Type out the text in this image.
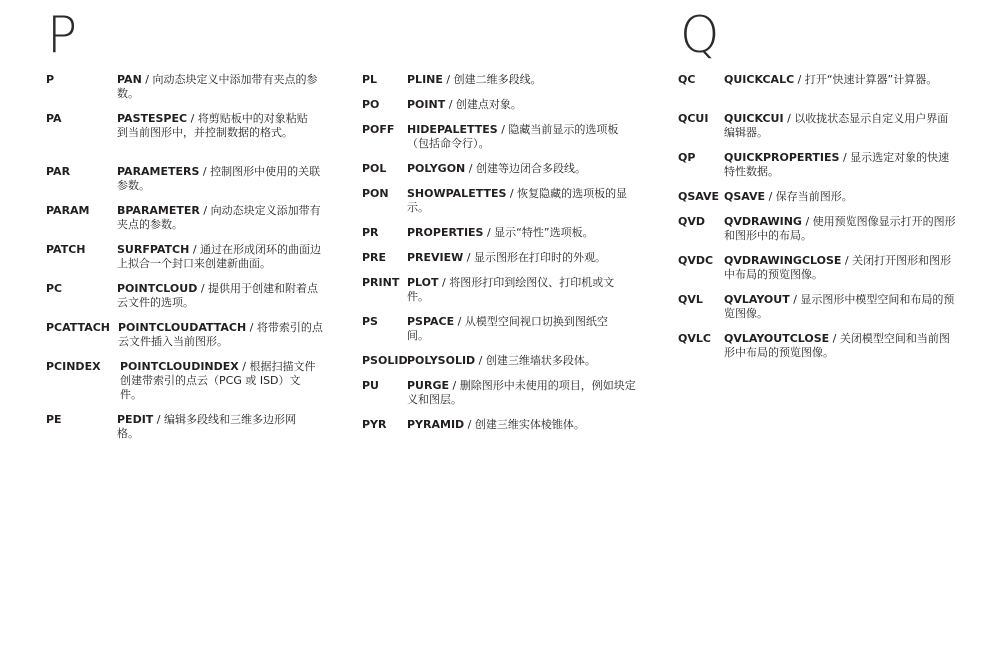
P	Q
P	PAN / 向动态块定义中添加带有夹点的参数。
PA	PASTESPEC / 将剪贴板中的对象粘贴到当前图形中，并控制数据的格式。
PAR	PARAMETERS / 控制图形中使用的关联参数。
PARAM	BPARAMETER / 向动态块定义添加带有夹点的参数。
PATCH	SURFPATCH / 通过在形成闭环的曲面边上拟合一个封口来创建新曲面。
PC	POINTCLOUD / 提供用于创建和附着点云文件的选项。
PCATTACH POINTCLOUDATTACH / 将带索引的点云文件插入当前图形。
PCINDEX POINTCLOUDINDEX / 根据扫描文件创建带索引的点云（PCG 或 ISD）文件。
PE	PEDIT / 编辑多段线和三维多边形网格。
PL	PLINE / 创建二维多段线。
PO	POINT / 创建点对象。
POFF HIDEPALETTES / 隐藏当前显示的选项板（包括命令行）。
POL POLYGON / 创建等边闭合多段线。
PON SHOWPALETTES / 恢复隐藏的选项板的显示。
PR	PROPERTIES / 显示“特性”选项板。
PRE PREVIEW / 显示图形在打印时的外观。
PRINT PLOT / 将图形打印到绘图仪、打印机或文件。
PS	PSPACE / 从模型空间视口切换到图纸空间。
PSOLID POLYSOLID / 创建三维墙状多段体。
PU	PURGE / 删除图形中未使用的项目，例如块定义和图层。
PYR PYRAMID / 创建三维实体棱锥体。
QC	QUICKCALC / 打开“快速计算器”计算器。
QCUI QUICKCUI / 以收拢状态显示自定义用户界面编辑器。
QP	QUICKPROPERTIES / 显示选定对象的快速特性数据。
QSAVE QSAVE / 保存当前图形。
QVD QVDRAWING / 使用预览图像显示打开的图形和图形中的布局。
QVDC QVDRAWINGCLOSE / 关闭打开图形和图形中布局的预览图像。
QVL QVLAYOUT / 显示图形中模型空间和布局的预览图像。
QVLC QVLAYOUTCLOSE / 关闭模型空间和当前图形中布局的预览图像。
